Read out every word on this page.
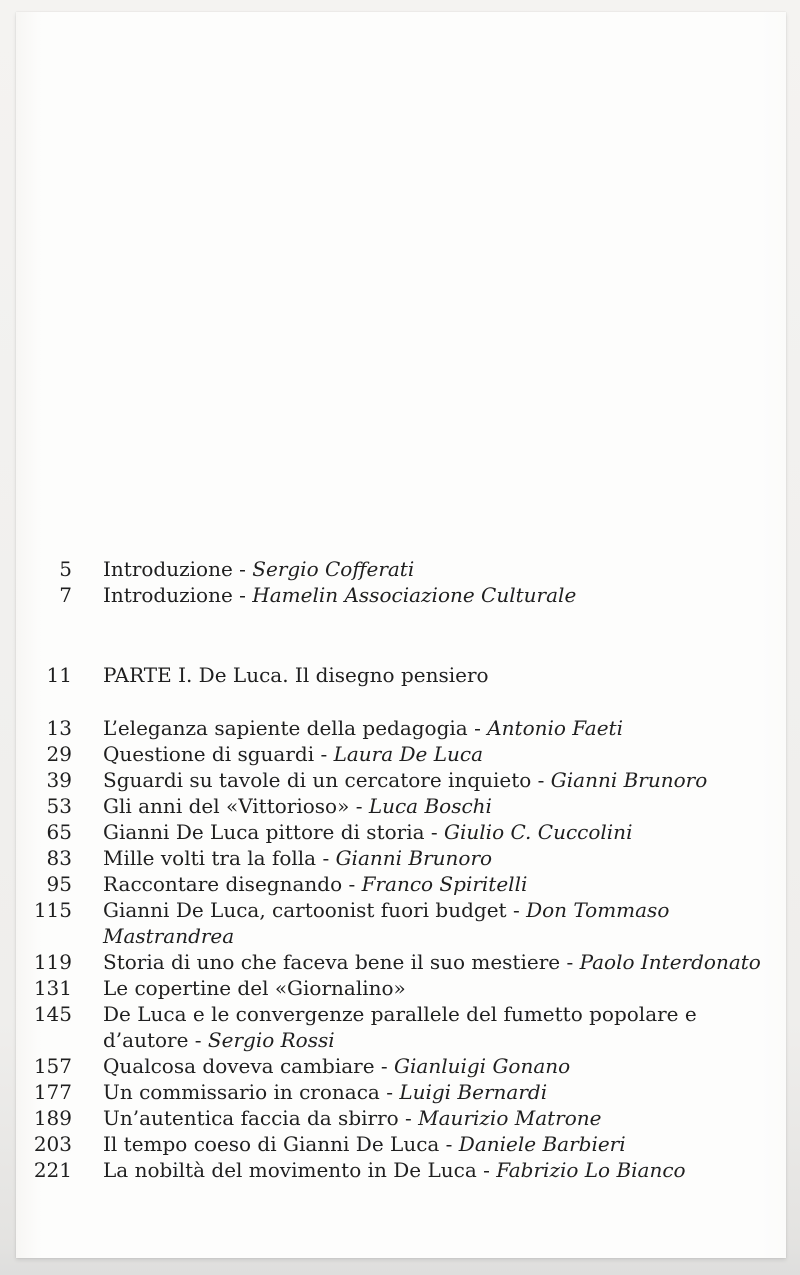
5 Introduzione - Sergio Cofferati
7 Introduzione - Hamelin Associazione Culturale
11 PARTE I. De Luca. Il disegno pensiero
13 L’eleganza sapiente della pedagogia - Antonio Faeti
29 Questione di sguardi - Laura De Luca
39 Sguardi su tavole di un cercatore inquieto - Gianni Brunoro
53 Gli anni del «Vittorioso» - Luca Boschi
65 Gianni De Luca pittore di storia - Giulio C. Cuccolini
83 Mille volti tra la folla - Gianni Brunoro
95 Raccontare disegnando - Franco Spiritelli
115 Gianni De Luca, cartoonist fuori budget - Don Tommaso
Mastrandrea
119 Storia di uno che faceva bene il suo mestiere - Paolo Interdonato
131 Le copertine del «Giornalino»
145 De Luca e le convergenze parallele del fumetto popolare e
d’autore - Sergio Rossi
157 Qualcosa doveva cambiare - Gianluigi Gonano
177 Un commissario in cronaca - Luigi Bernardi
189 Un’autentica faccia da sbirro - Maurizio Matrone
203 Il tempo coeso di Gianni De Luca - Daniele Barbieri
221 La nobiltà del movimento in De Luca - Fabrizio Lo Bianco
